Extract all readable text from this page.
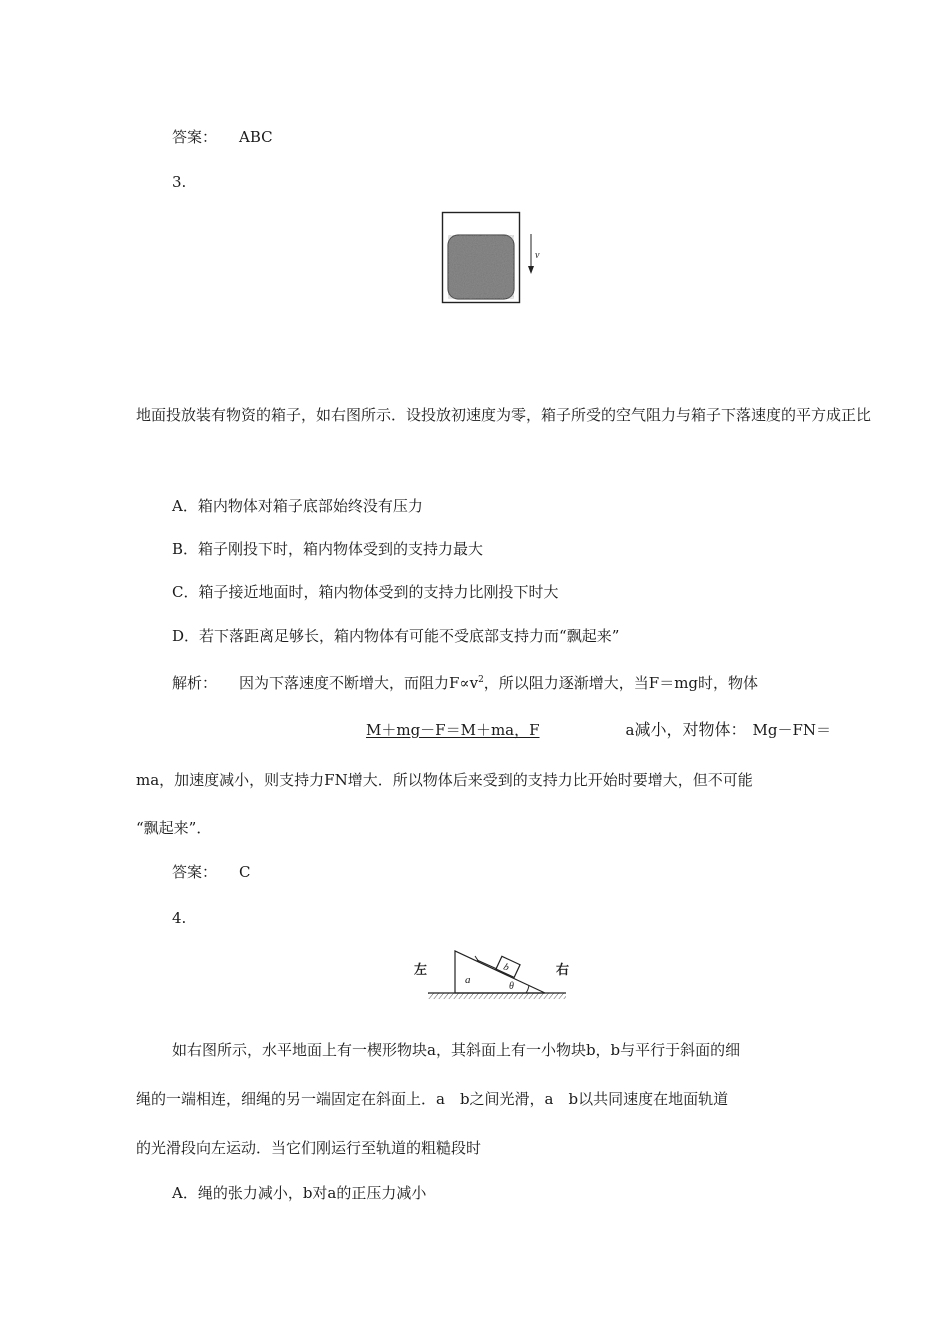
答案： ABC
3.
v
地面投放装有物资的箱子，如右图所示．设投放初速度为零，箱子所受的空气阻力与箱子下落速度的平方成正比
A．箱内物体对箱子底部始终没有压力
B．箱子刚投下时，箱内物体受到的支持力最大
C．箱子接近地面时，箱内物体受到的支持力比刚投下时大
D．若下落距离足够长，箱内物体有可能不受底部支持力而“飘起来”
解析： 因为下落速度不断增大，而阻力$F\propto v^2$，所以阻力逐渐增大，当F＝mg时，物体
M＋mg－F＝M＋ma，F	a减小，对物体： Mg－FN＝
ma，加速度减小，则支持力FN增大．所以物体后来受到的支持力比开始时要增大，但不可能
“飘起来”．
答案： C
4.
b
a
θ
左	右
如右图所示，水平地面上有一楔形物块a，其斜面上有一小物块b，b与平行于斜面的细
绳的一端相连，细绳的另一端固定在斜面上．a　b之间光滑，a　b以共同速度在地面轨道
的光滑段向左运动．当它们刚运行至轨道的粗糙段时
A．绳的张力减小，b对a的正压力减小
